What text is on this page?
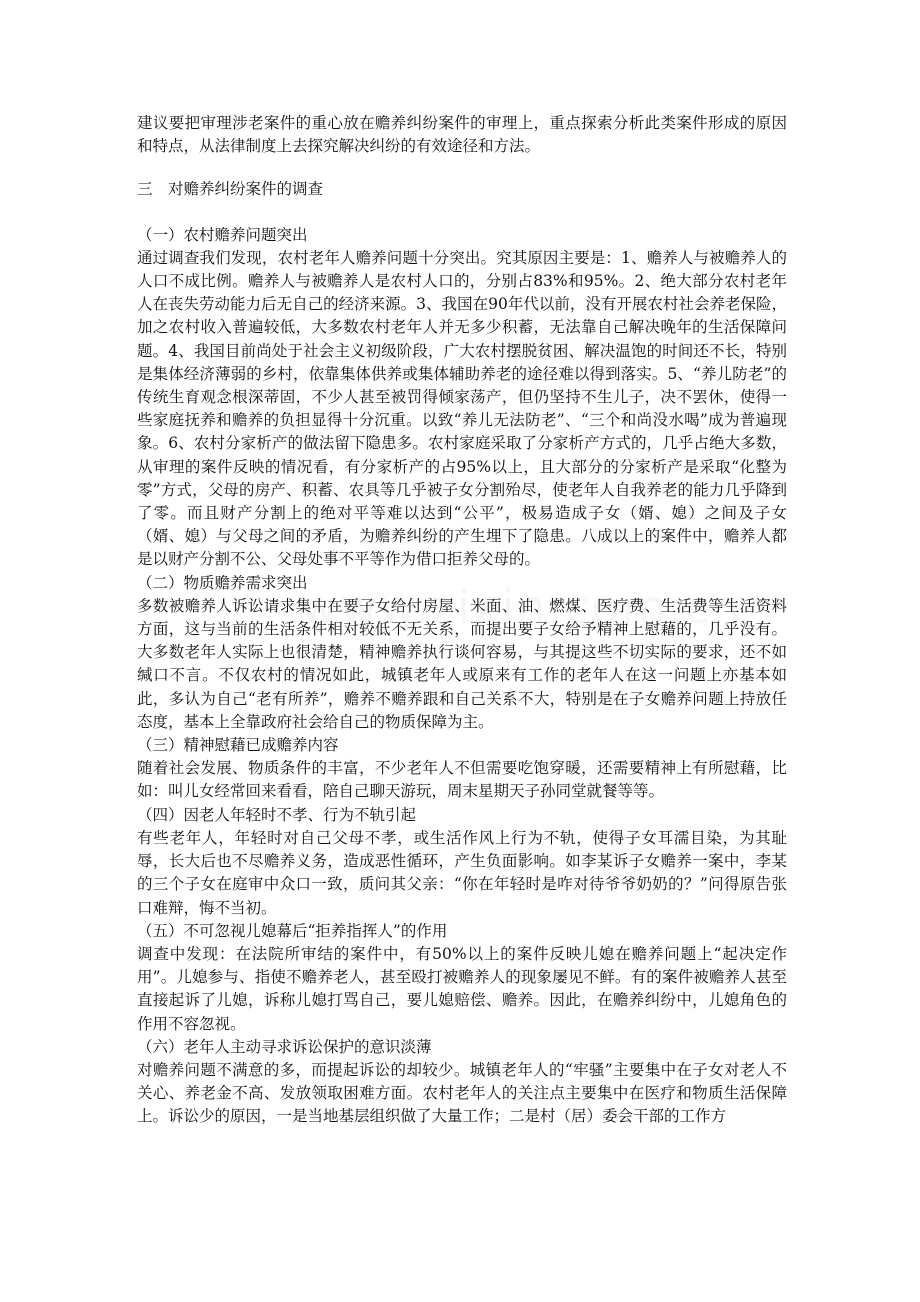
建议要把审理涉老案件的重心放在赡养纠纷案件的审理上，重点探索分析此类案件形成的原因和特点，从法律制度上去探究解决纠纷的有效途径和方法。

三　对赡养纠纷案件的调查

（一）农村赡养问题突出

通过调查我们发现，农村老年人赡养问题十分突出。究其原因主要是：1、赡养人与被赡养人的人口不成比例。赡养人与被赡养人是农村人口的，分别占83%和95%。2、绝大部分农村老年人在丧失劳动能力后无自己的经济来源。3、我国在90年代以前，没有开展农村社会养老保险，加之农村收入普遍较低，大多数农村老年人并无多少积蓄，无法靠自己解决晚年的生活保障问题。4、我国目前尚处于社会主义初级阶段，广大农村摆脱贫困、解决温饱的时间还不长，特别是集体经济薄弱的乡村，依靠集体供养或集体辅助养老的途径难以得到落实。5、“养儿防老”的传统生育观念根深蒂固，不少人甚至被罚得倾家荡产，但仍坚持不生儿子，决不罢休，使得一些家庭抚养和赡养的负担显得十分沉重。以致“养儿无法防老”、“三个和尚没水喝”成为普遍现象。6、农村分家析产的做法留下隐患多。农村家庭采取了分家析产方式的，几乎占绝大多数，从审理的案件反映的情况看，有分家析产的占95%以上，且大部分的分家析产是采取“化整为零”方式，父母的房产、积蓄、农具等几乎被子女分割殆尽，使老年人自我养老的能力几乎降到了零。而且财产分割上的绝对平等难以达到“公平”，极易造成子女（婿、媳）之间及子女（婿、媳）与父母之间的矛盾，为赡养纠纷的产生埋下了隐患。八成以上的案件中，赡养人都是以财产分割不公、父母处事不平等作为借口拒养父母的。

（二）物质赡养需求突出

多数被赡养人诉讼请求集中在要子女给付房屋、米面、油、燃煤、医疗费、生活费等生活资料方面，这与当前的生活条件相对较低不无关系，而提出要子女给予精神上慰藉的，几乎没有。大多数老年人实际上也很清楚，精神赡养执行谈何容易，与其提这些不切实际的要求，还不如缄口不言。不仅农村的情况如此，城镇老年人或原来有工作的老年人在这一问题上亦基本如此，多认为自己“老有所养”，赡养不赡养跟和自己关系不大，特别是在子女赡养问题上持放任态度，基本上全靠政府社会给自己的物质保障为主。

（三）精神慰藉已成赡养内容

随着社会发展、物质条件的丰富，不少老年人不但需要吃饱穿暖，还需要精神上有所慰藉，比如：叫儿女经常回来看看，陪自己聊天游玩，周末星期天子孙同堂就餐等等。

（四）因老人年轻时不孝、行为不轨引起

有些老年人，年轻时对自己父母不孝，或生活作风上行为不轨，使得子女耳濡目染，为其耻辱，长大后也不尽赡养义务，造成恶性循环，产生负面影响。如李某诉子女赡养一案中，李某的三个子女在庭审中众口一致，质问其父亲：“你在年轻时是咋对待爷爷奶奶的？”问得原告张口难辩，悔不当初。

（五）不可忽视儿媳幕后“拒养指挥人”的作用

调查中发现：在法院所审结的案件中，有50%以上的案件反映儿媳在赡养问题上“起决定作用”。儿媳参与、指使不赡养老人，甚至殴打被赡养人的现象屡见不鲜。有的案件被赡养人甚至直接起诉了儿媳，诉称儿媳打骂自己，要儿媳赔偿、赡养。因此，在赡养纠纷中，儿媳角色的作用不容忽视。

（六）老年人主动寻求诉讼保护的意识淡薄

对赡养问题不满意的多，而提起诉讼的却较少。城镇老年人的“牢骚”主要集中在子女对老人不关心、养老金不高、发放领取困难方面。农村老年人的关注点主要集中在医疗和物质生活保障上。诉讼少的原因，一是当地基层组织做了大量工作；二是村（居）委会干部的工作方
